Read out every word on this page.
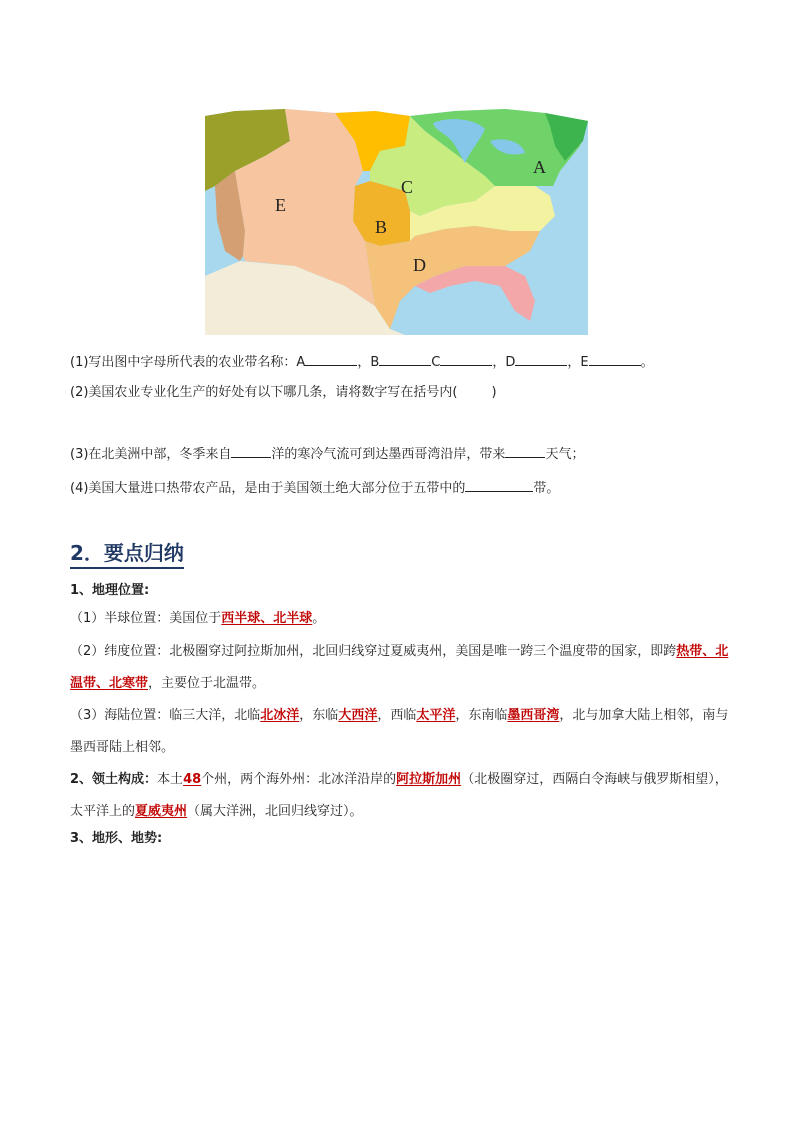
A
B
C
D
E
(1)写出图中字母所代表的农业带名称：A	，B	C	，D	，E	。
(2)美国农业专业化生产的好处有以下哪几条，请将数字写在括号内(	)

(3)在北美洲中部，冬季来自	洋的寒冷气流可到达墨西哥湾沿岸，带来	天气；
(4)美国大量进口热带农产品，是由于美国领土绝大部分位于五带中的	带。
2．要点归纳
1、地理位置:
（1）半球位置：美国位于西半球、北半球。
（2）纬度位置：北极圈穿过阿拉斯加州，北回归线穿过夏威夷州，美国是唯一跨三个温度带的国家，即跨热带、北温带、北寒带，主要位于北温带。
（3）海陆位置：临三大洋，北临北冰洋，东临大西洋，西临太平洋，东南临墨西哥湾，北与加拿大陆上相邻，南与墨西哥陆上相邻。
2、领土构成：本土48个州，两个海外州：北冰洋沿岸的阿拉斯加州（北极圈穿过，西隔白令海峡与俄罗斯相望），太平洋上的夏威夷州（属大洋洲，北回归线穿过）。
3、地形、地势:
